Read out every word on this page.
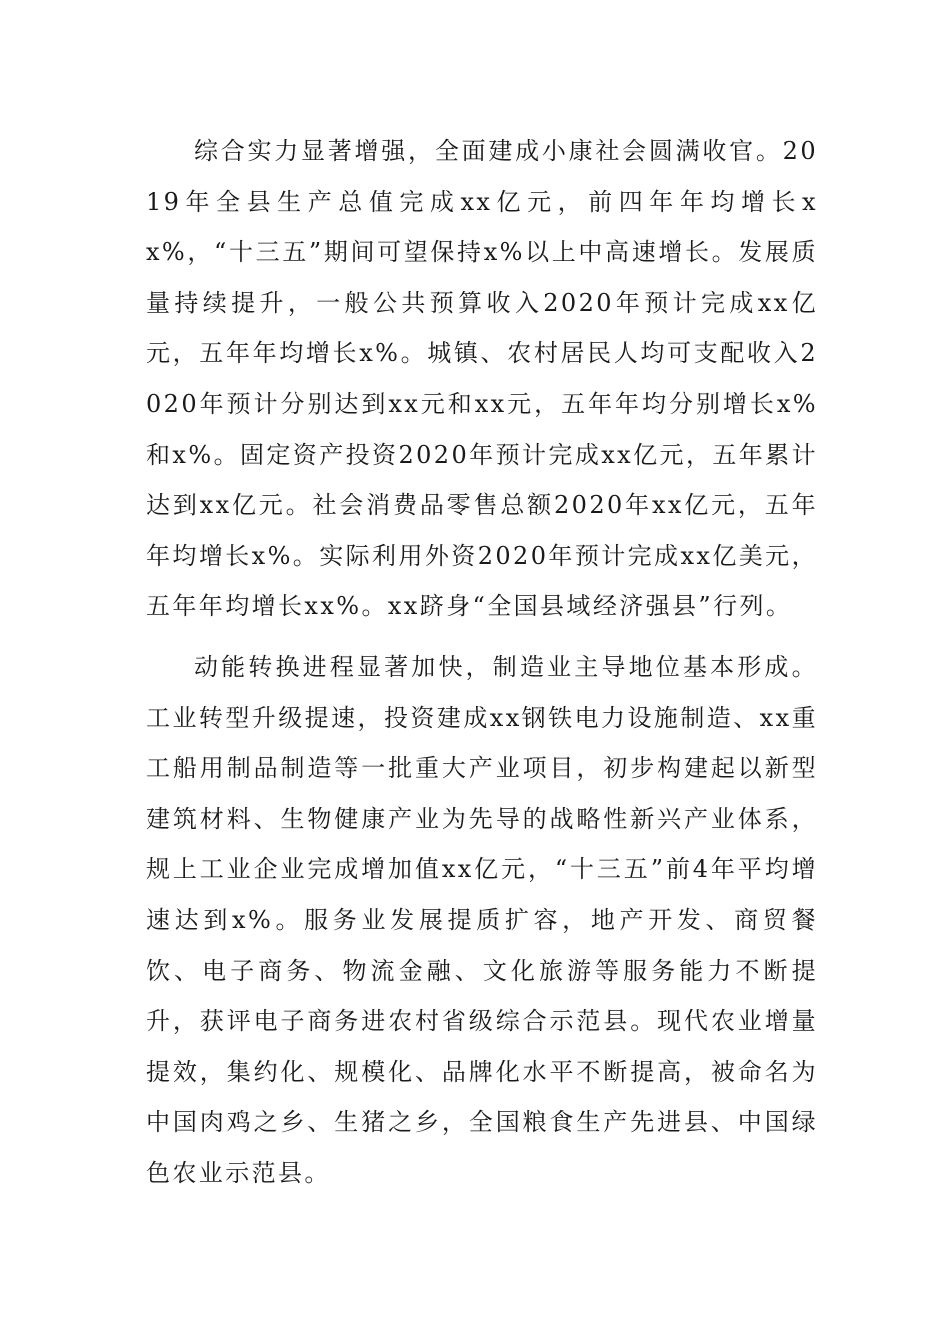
综合实力显著增强，全面建成小康社会圆满收官。2019年全县生产总值完成xx亿元，前四年年均增长xx%，“十三五”期间可望保持x%以上中高速增长。发展质量持续提升，一般公共预算收入2020年预计完成xx亿元，五年年均增长x%。城镇、农村居民人均可支配收入2020年预计分别达到xx元和xx元，五年年均分别增长x%和x%。固定资产投资2020年预计完成xx亿元，五年累计达到xx亿元。社会消费品零售总额2020年xx亿元，五年年均增长x%。实际利用外资2020年预计完成xx亿美元，五年年均增长xx%。xx跻身“全国县域经济强县”行列。

动能转换进程显著加快，制造业主导地位基本形成。工业转型升级提速，投资建成xx钢铁电力设施制造、xx重工船用制品制造等一批重大产业项目，初步构建起以新型建筑材料、生物健康产业为先导的战略性新兴产业体系，规上工业企业完成增加值xx亿元，“十三五”前4年平均增速达到x%。服务业发展提质扩容，地产开发、商贸餐饮、电子商务、物流金融、文化旅游等服务能力不断提升，获评电子商务进农村省级综合示范县。现代农业增量提效，集约化、规模化、品牌化水平不断提高，被命名为中国肉鸡之乡、生猪之乡，全国粮食生产先进县、中国绿色农业示范县。
